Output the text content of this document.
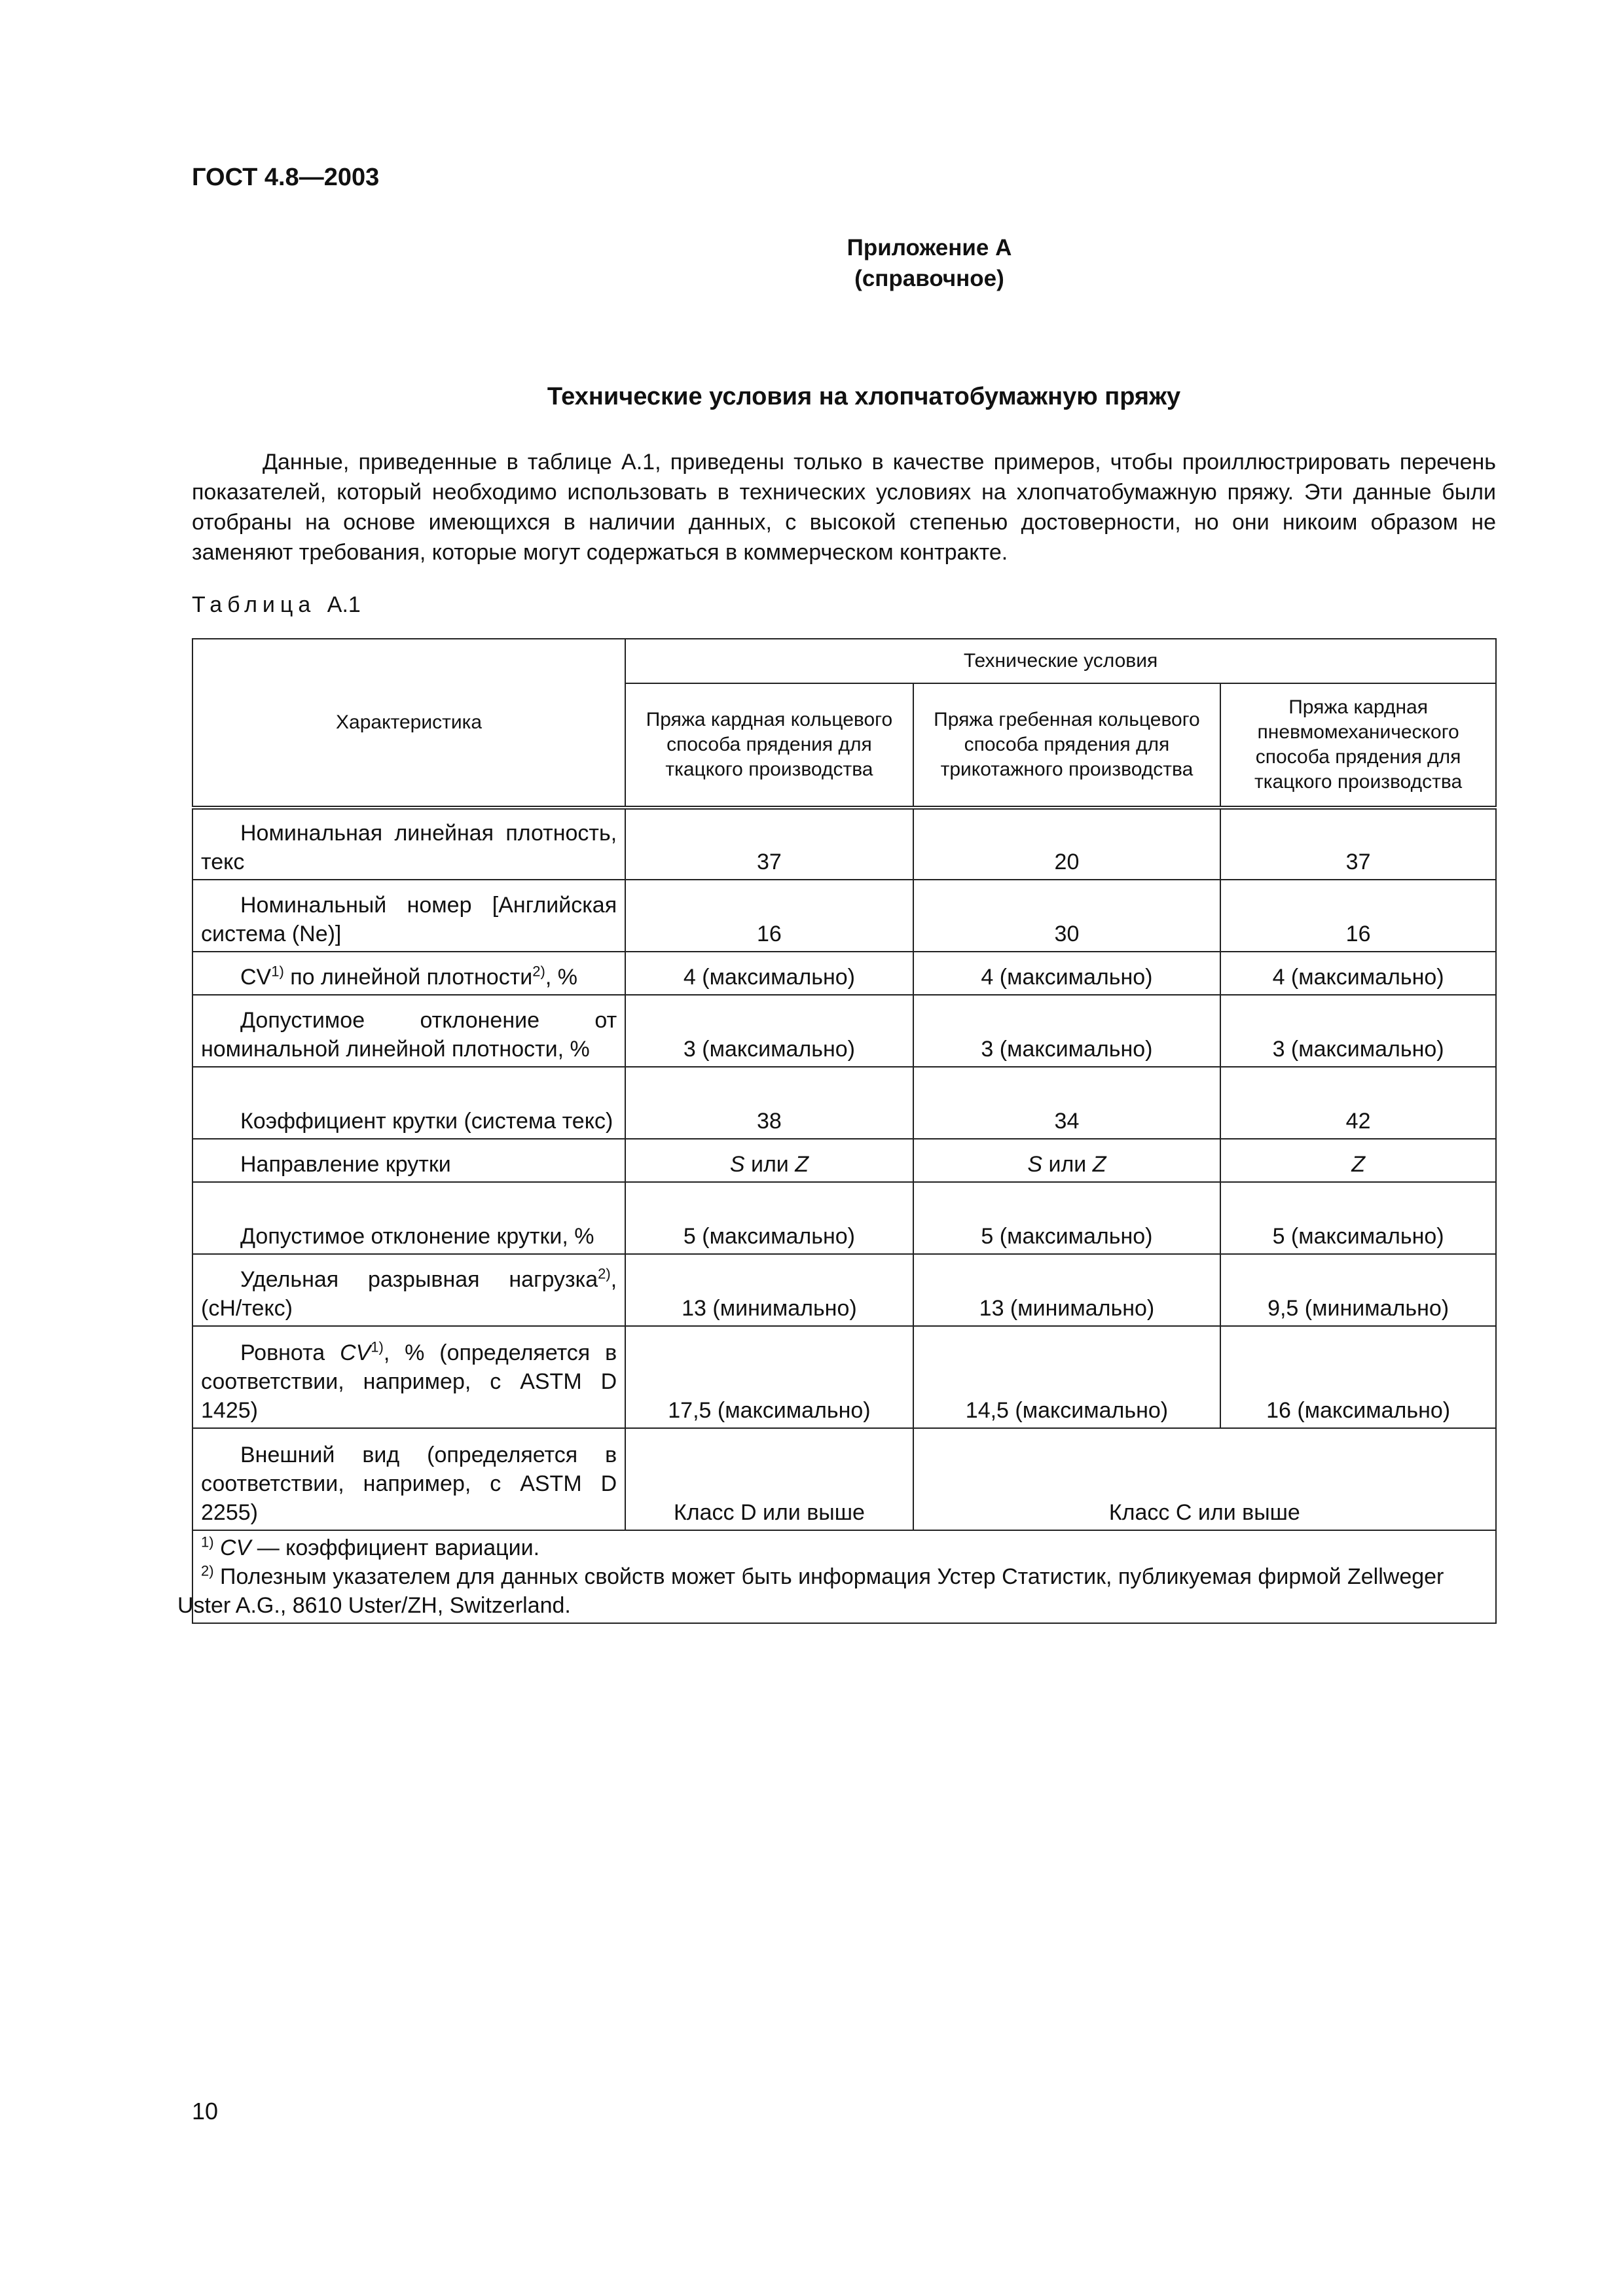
ГОСТ 4.8—2003
Приложение А
(справочное)
Технические условия на хлопчатобумажную пряжу

Данные, приведенные в таблице А.1, приведены только в качестве примеров, чтобы проиллюстрировать перечень показателей, который необходимо использовать в технических условиях на хлопчатобумажную пряжу. Эти данные были отобраны на основе имеющихся в наличии данных, с высокой степенью достоверности, но они никоим образом не заменяют требования, которые могут содержаться в коммерческом контракте.

Таблица А.1
Характеристика	Технические условия		
	Пряжа кардная кольцевого способа прядения для ткацкого производства	Пряжа гребенная кольцевого способа прядения для трикотажного производства	Пряжа кардная пневмомеханического способа прядения для ткацкого производства
Номинальная линейная плотность, текс	37	20	37
Номинальный номер [Английская система (Ne)]	16	30	16
CV$^{1)}$ по линейной плотности$^{2)}$, %	4 (максимально)	4 (максимально)	4 (максимально)
Допустимое отклонение от номинальной линейной плотности, %	3 (максимально)	3 (максимально)	3 (максимально)
Коэффициент крутки (система текс)	38	34	42
Направление крутки	S или Z	S или Z	Z
Допустимое отклонение крутки, %	5 (максимально)	5 (максимально)	5 (максимально)
Удельная разрывная нагрузка$^{2)}$, (сН/текс)	13 (минимально)	13 (минимально)	9,5 (минимально)
Ровнота CV$^{1)}$, % (определяется в соответствии, например, с ASTM D 1425)	17,5 (максимально)	14,5 (максимально)	16 (максимально)
Внешний вид (определяется в соответствии, например, с ASTM D 2255)	Класс D или выше	Класс С или выше	

$^{1)}$ CV — коэффициент вариации.
$^{2)}$ Полезным указателем для данных свойств может быть информация Устер Статистик, публикуемая фирмой Zellweger Uster A.G., 8610 Uster/ZH, Switzerland.			
10
